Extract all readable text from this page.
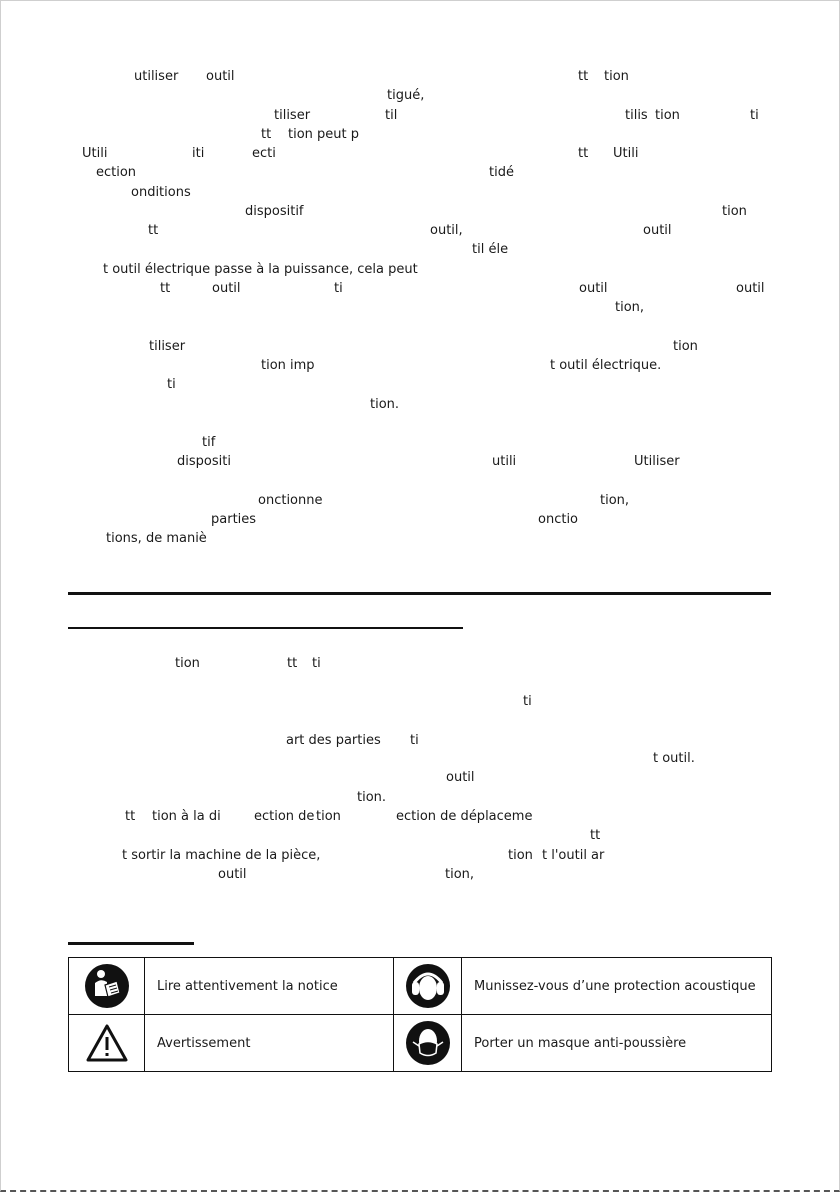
utiliser outil	tt tion
tigué,
tiliser	til	tilis tion	ti
tt tion peut p
Utili	iti	ecti	tt Utili
ection	tidé
onditions
dispositif	tion
tt	outil,	outil
til éle
t outil électrique passe à la puissance, cela peut
tt	outil	ti	outil	outil
tion,
tiliser	tion
tion imp	t outil électrique.
ti
tion.
tif
dispositi	utili	Utiliser
onctionne	tion,
parties	onctio
tions, de maniè
tion	tt ti
ti
art des parties ti
t outil.
outil
tion.
tt tion à la di	ection de tion	ection de déplaceme
tt
t sortir la machine de la pièce,	tion t l'outil ar
outil	tion,
	Lire attentivement la notice		Munissez-vous d’une protection acoustique
	Avertissement		Porter un masque anti-poussière
